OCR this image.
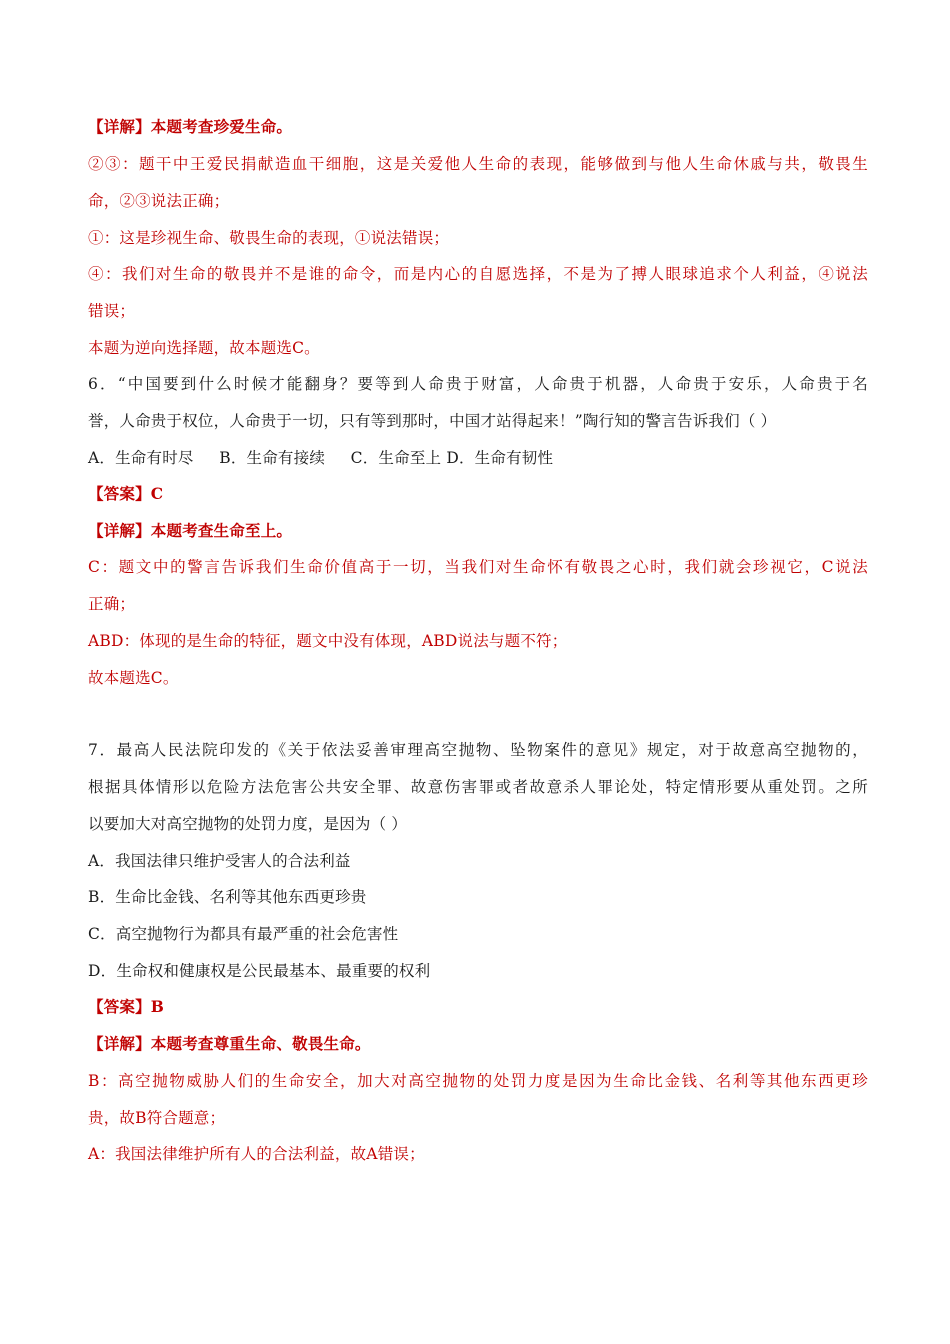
【详解】本题考查珍爱生命。
②③：题干中王爱民捐献造血干细胞，这是关爱他人生命的表现，能够做到与他人生命休戚与共，敬畏生
命，②③说法正确；
①：这是珍视生命、敬畏生命的表现，①说法错误；
④：我们对生命的敬畏并不是谁的命令，而是内心的自愿选择，不是为了搏人眼球追求个人利益，④说法
错误；
本题为逆向选择题，故本题选C。
6．“中国要到什么时候才能翻身？要等到人命贵于财富，人命贵于机器，人命贵于安乐，人命贵于名
誉，人命贵于权位，人命贵于一切，只有等到那时，中国才站得起来！”陶行知的警言告诉我们（ ）
A．生命有时尽     B．生命有接续     C．生命至上 D．生命有韧性
【答案】C
【详解】本题考查生命至上。
C：题文中的警言告诉我们生命价值高于一切，当我们对生命怀有敬畏之心时，我们就会珍视它，C说法
正确；
ABD：体现的是生命的特征，题文中没有体现，ABD说法与题不符；
故本题选C。
7．最高人民法院印发的《关于依法妥善审理高空抛物、坠物案件的意见》规定，对于故意高空抛物的，
根据具体情形以危险方法危害公共安全罪、故意伤害罪或者故意杀人罪论处，特定情形要从重处罚。之所
以要加大对高空抛物的处罚力度，是因为（ ）
A．我国法律只维护受害人的合法利益
B．生命比金钱、名利等其他东西更珍贵
C．高空抛物行为都具有最严重的社会危害性
D．生命权和健康权是公民最基本、最重要的权利
【答案】B
【详解】本题考查尊重生命、敬畏生命。
B：高空抛物威胁人们的生命安全，加大对高空抛物的处罚力度是因为生命比金钱、名利等其他东西更珍
贵，故B符合题意；
A：我国法律维护所有人的合法利益，故A错误；
